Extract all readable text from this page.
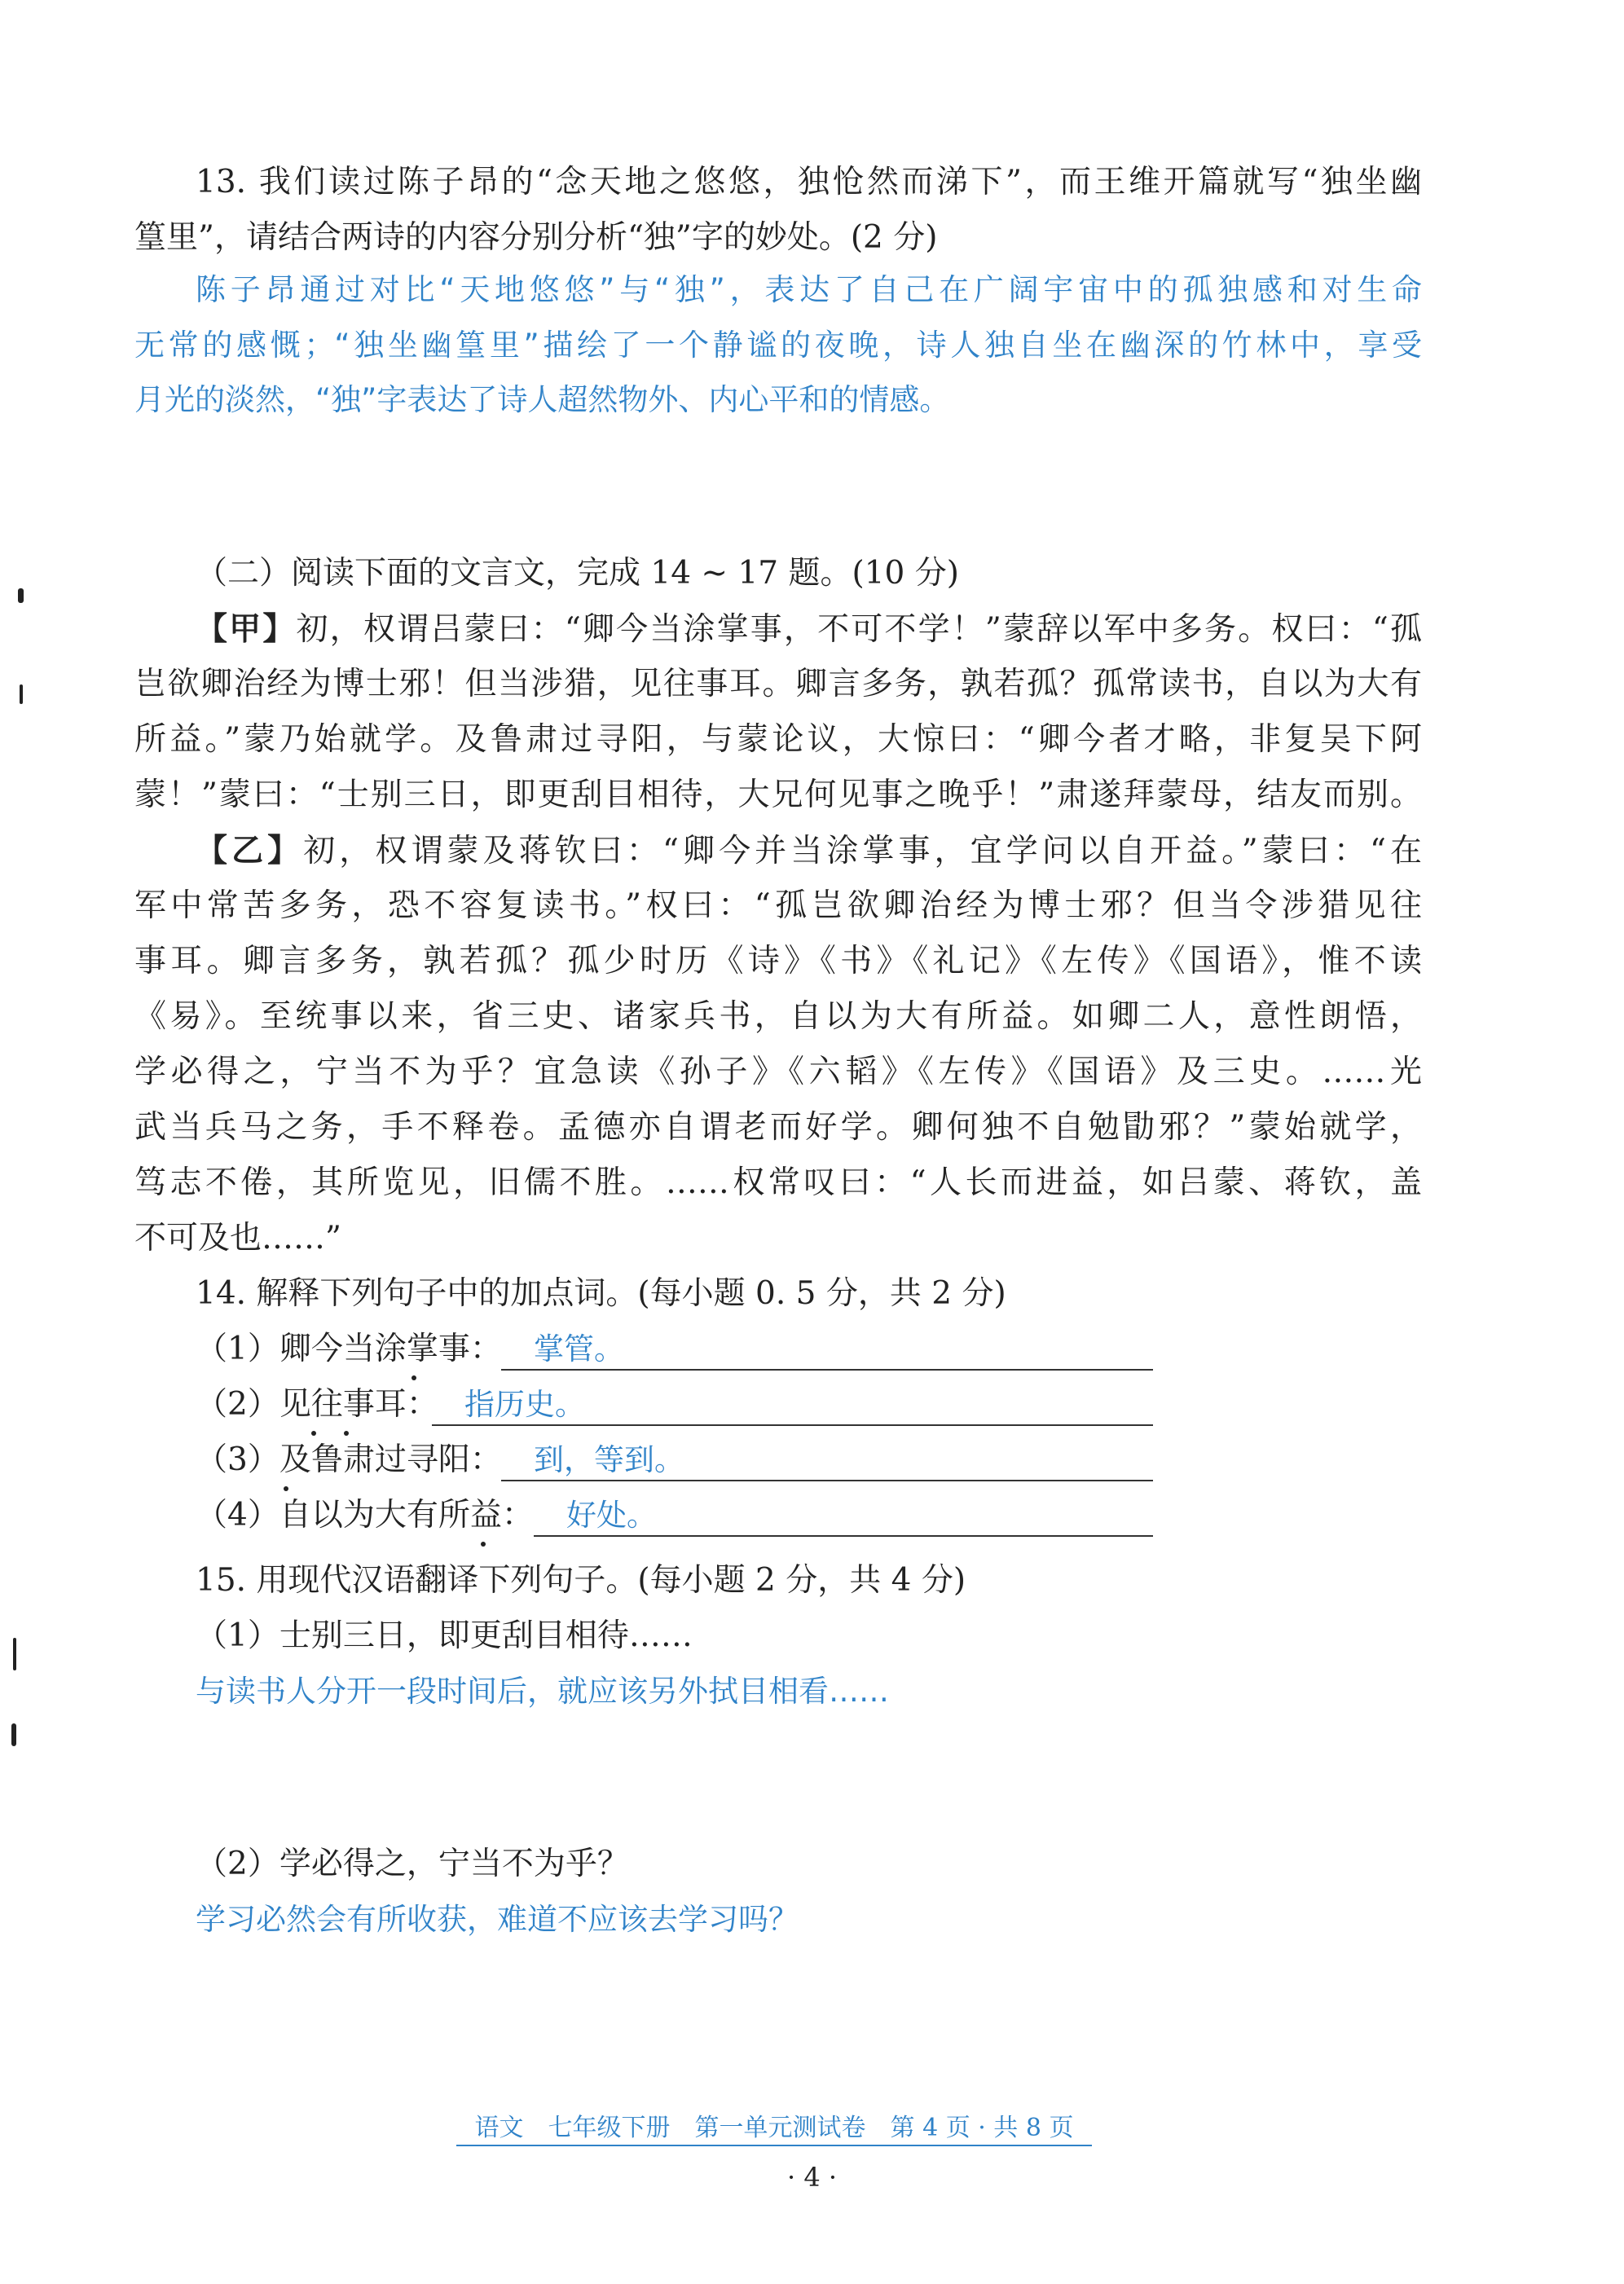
13. 我们读过陈子昂的“念天地之悠悠，独怆然而涕下”，而王维开篇就写“独坐幽
篁里”，请结合两诗的内容分别分析“独”字的妙处。(2 分)
陈子昂通过对比“天地悠悠”与“独”，表达了自己在广阔宇宙中的孤独感和对生命
无常的感慨；“独坐幽篁里”描绘了一个静谧的夜晚，诗人独自坐在幽深的竹林中，享受
月光的淡然，“独”字表达了诗人超然物外、内心平和的情感。
（二）阅读下面的文言文，完成 14 ~ 17 题。(10 分)
【甲】初，权谓吕蒙曰：“卿今当涂掌事，不可不学！”蒙辞以军中多务。权曰：“孤
岂欲卿治经为博士邪！但当涉猎，见往事耳。卿言多务，孰若孤？孤常读书，自以为大有
所益。”蒙乃始就学。及鲁肃过寻阳，与蒙论议，大惊曰：“卿今者才略，非复吴下阿
蒙！”蒙曰：“士别三日，即更刮目相待，大兄何见事之晚乎！”肃遂拜蒙母，结友而别。
【乙】初，权谓蒙及蒋钦曰：“卿今并当涂掌事，宜学问以自开益。”蒙曰：“在
军中常苦多务，恐不容复读书。”权曰：“孤岂欲卿治经为博士邪？但当令涉猎见往
事耳。卿言多务，孰若孤？孤少时历《诗》《书》《礼记》《左传》《国语》，惟不读
《易》。至统事以来，省三史、诸家兵书，自以为大有所益。如卿二人，意性朗悟，
学必得之，宁当不为乎？宜急读《孙子》《六韬》《左传》《国语》及三史。……光
武当兵马之务，手不释卷。孟德亦自谓老而好学。卿何独不自勉勖邪？”蒙始就学，
笃志不倦，其所览见，旧儒不胜。……权常叹曰：“人长而进益，如吕蒙、蒋钦，盖
不可及也……”
14. 解释下列句子中的加点词。(每小题 0. 5 分，共 2 分)
（1）卿今当涂掌事： 掌管。
（2）见往事耳： 指历史。
（3）及鲁肃过寻阳： 到，等到。
（4）自以为大有所益： 好处。
15. 用现代汉语翻译下列句子。(每小题 2 分，共 4 分)
（1）士别三日，即更刮目相待……
与读书人分开一段时间后，就应该另外拭目相看……
（2）学必得之，宁当不为乎？
学习必然会有所收获，难道不应该去学习吗？
语文　七年级下册　第一单元测试卷　第 4 页 · 共 8 页
· 4 ·
